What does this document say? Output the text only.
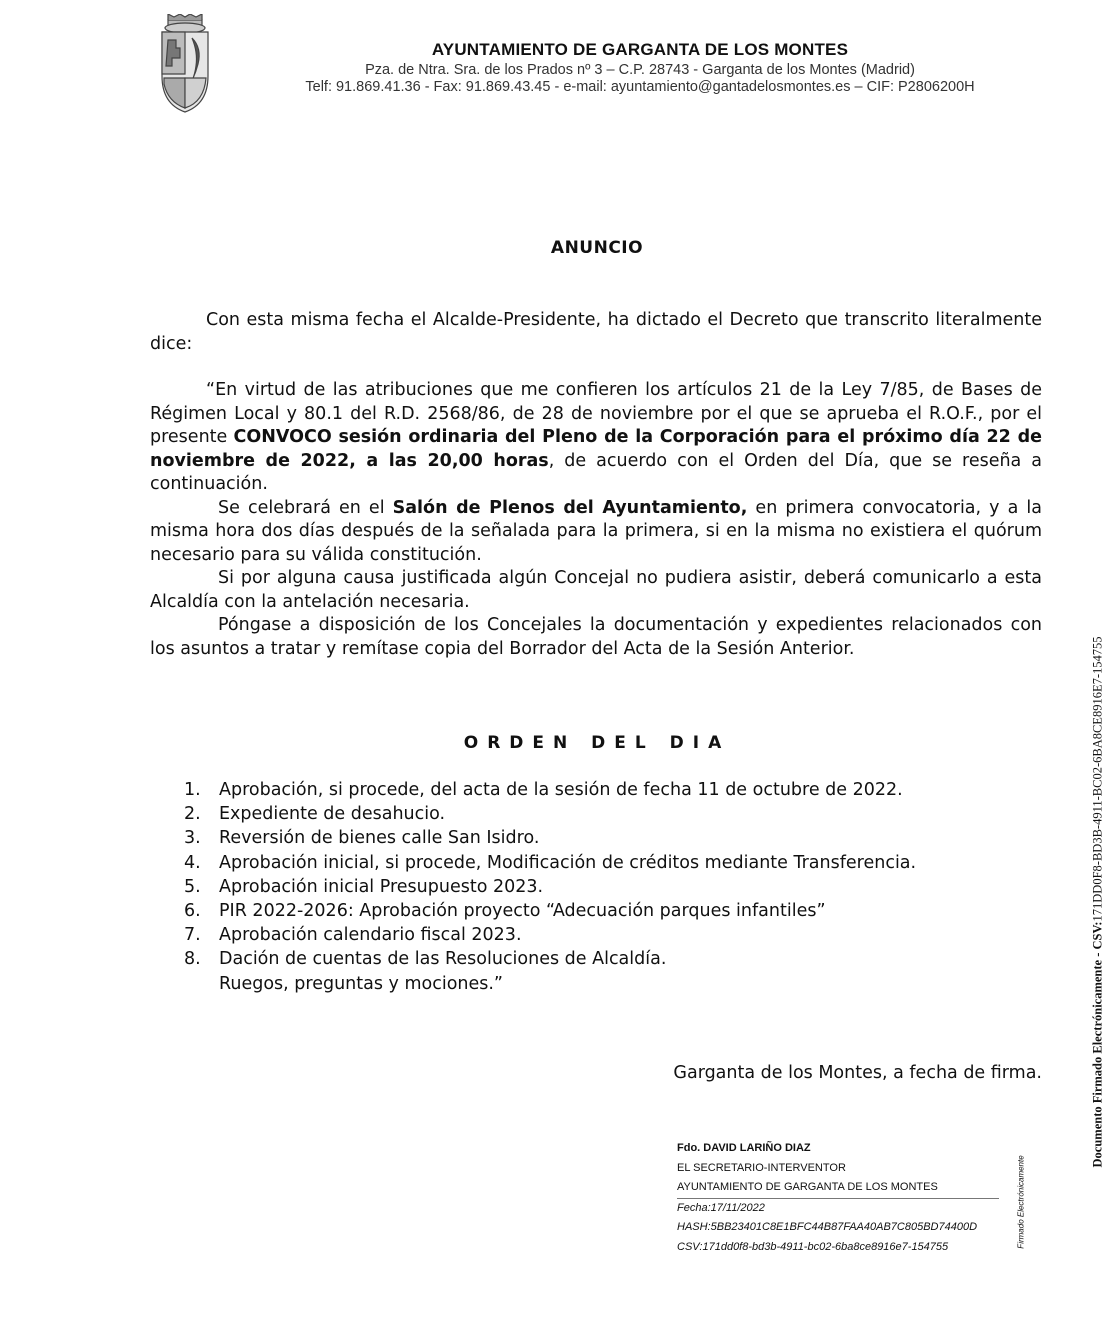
AYUNTAMIENTO DE GARGANTA DE LOS MONTES
Pza. de Ntra. Sra. de los Prados nº 3 – C.P. 28743 - Garganta de los Montes (Madrid)
Telf: 91.869.41.36 - Fax: 91.869.43.45 - e-mail: ayuntamiento@gantadelosmontes.es – CIF: P2806200H
ANUNCIO

Con esta misma fecha el Alcalde-Presidente, ha dictado el Decreto que transcrito literalmente dice:

“En virtud de las atribuciones que me confieren los artículos 21 de la Ley 7/85, de Bases de Régimen Local y 80.1 del R.D. 2568/86, de 28 de noviembre por el que se aprueba el R.O.F., por el presente CONVOCO sesión ordinaria del Pleno de la Corporación para el próximo día 22 de noviembre de 2022, a las 20,00 horas, de acuerdo con el Orden del Día, que se reseña a continuación.

Se celebrará en el Salón de Plenos del Ayuntamiento, en primera convocatoria, y a la misma hora dos días después de la señalada para la primera, si en la misma no existiera el quórum necesario para su válida constitución.

Si por alguna causa justificada algún Concejal no pudiera asistir, deberá comunicarlo a esta Alcaldía con la antelación necesaria.

Póngase a disposición de los Concejales la documentación y expedientes relacionados con los asuntos a tratar y remítase copia del Borrador del Acta de la Sesión Anterior.

ORDEN DEL DIA
1.	Aprobación, si procede, del acta de la sesión de fecha 11 de octubre de 2022.
2.	Expediente de desahucio.
3.	Reversión de bienes calle San Isidro.
4.	Aprobación inicial, si procede, Modificación de créditos mediante Transferencia.
5.	Aprobación inicial Presupuesto 2023.
6.	PIR 2022-2026: Aprobación proyecto “Adecuación parques infantiles”
7.	Aprobación calendario fiscal 2023.
8.	Dación de cuentas de las Resoluciones de Alcaldía.
Ruegos, preguntas y mociones.”
Garganta de los Montes, a fecha de firma.
Fdo. DAVID LARIÑO DIAZ
EL SECRETARIO-INTERVENTOR
AYUNTAMIENTO DE GARGANTA DE LOS MONTES
Fecha:17/11/2022
HASH:5BB23401C8E1BFC44B87FAA40AB7C805BD74400D
CSV:171dd0f8-bd3b-4911-bc02-6ba8ce8916e7-154755	Firmado Electrónicamente
Documento Firmado Electrónicamente - CSV:171DD0F8-BD3B-4911-BC02-6BA8CE8916E7-154755
